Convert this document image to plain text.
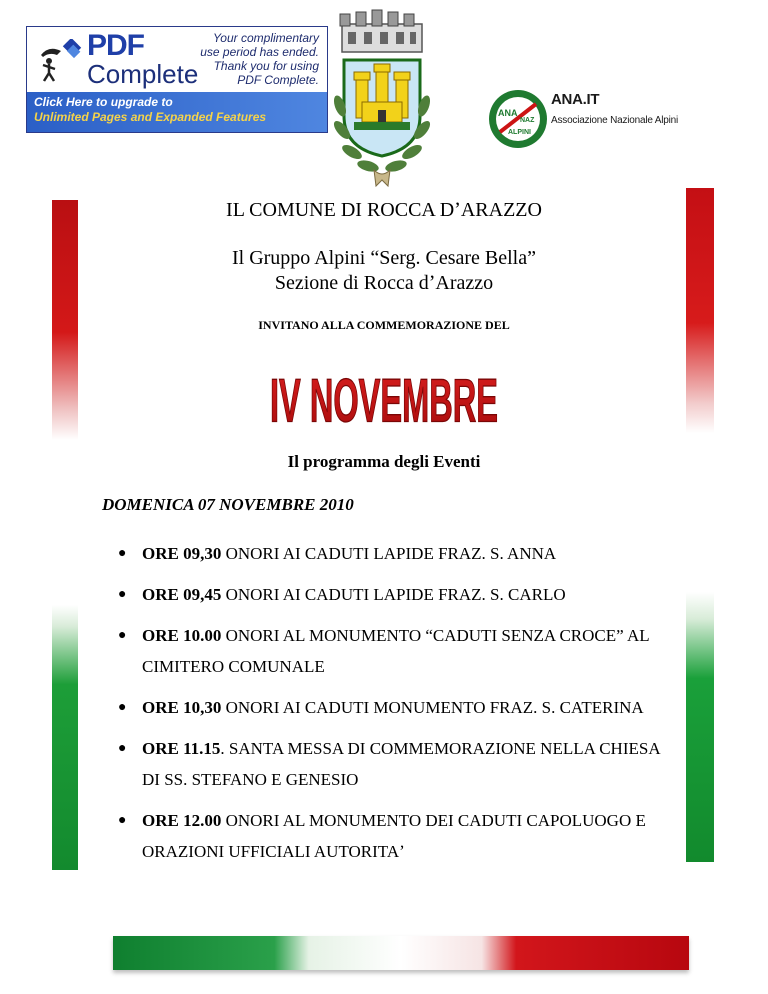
PDF
Complete
Your complimentary
use period has ended.
Thank you for using
PDF Complete.
Click Here to upgrade to
Unlimited Pages and Expanded Features	ANA
NAZ
ALPINI
ANA.IT
Associazione Nazionale Alpini
IL COMUNE DI ROCCA DʼARAZZO
Il Gruppo Alpini “Serg. Cesare Bella”
Sezione di Rocca dʼArazzo
INVITANO ALLA COMMEMORAZIONE DEL
IV NOVEMBRE
Il programma degli Eventi
DOMENICA 07 NOVEMBRE 2010
● ORE 09,30 ONORI AI CADUTI LAPIDE FRAZ. S. ANNA
● ORE 09,45 ONORI AI CADUTI LAPIDE FRAZ. S. CARLO
● ORE 10.00 ONORI AL MONUMENTO “CADUTI SENZA CROCE” AL CIMITERO COMUNALE
● ORE 10,30 ONORI AI CADUTI MONUMENTO FRAZ. S. CATERINA
● ORE 11.15. SANTA MESSA DI COMMEMORAZIONE NELLA CHIESA DI SS. STEFANO E GENESIO
● ORE 12.00 ONORI AL MONUMENTO DEI CADUTI CAPOLUOGO E ORAZIONI UFFICIALI AUTORITAʼ
